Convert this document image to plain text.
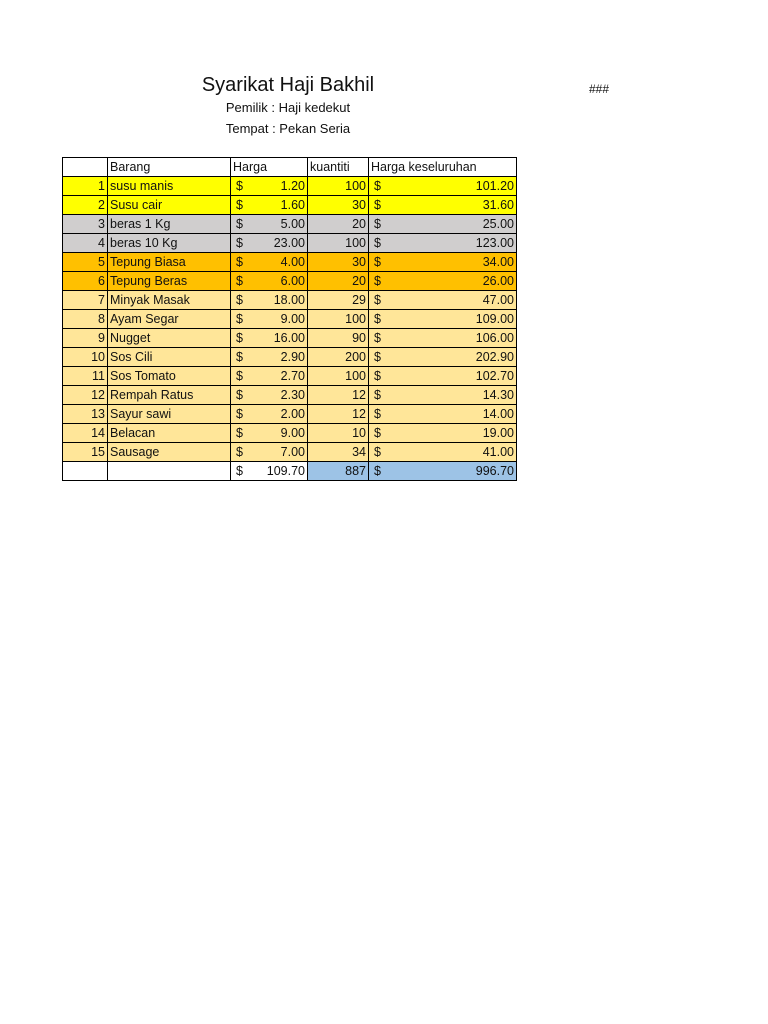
Syarikat Haji Bakhil	###
Pemilik : Haji kedekut
Tempat : Pekan Seria
	Barang	Harga	kuantiti	Harga keseluruhan
1	susu manis	$ 1.20	100	$ 101.20

2	Susu cair	$ 1.60	30	$ 31.60

3	beras 1 Kg	$ 5.00	20	$ 25.00

4	beras 10 Kg	$ 23.00	100	$ 123.00

5	Tepung Biasa	$ 4.00	30	$ 34.00

6	Tepung Beras	$ 6.00	20	$ 26.00

7	Minyak Masak	$ 18.00	29	$ 47.00

8	Ayam Segar	$ 9.00	100	$ 109.00

9	Nugget	$ 16.00	90	$ 106.00

10	Sos Cili	$ 2.90	200	$ 202.90

11	Sos Tomato	$ 2.70	100	$ 102.70

12	Rempah Ratus	$ 2.30	12	$ 14.30

13	Sayur sawi	$ 2.00	12	$ 14.00

14	Belacan	$ 9.00	10	$ 19.00

15	Sausage	$ 7.00	34	$ 41.00

		$ 109.70	887	$ 996.70
